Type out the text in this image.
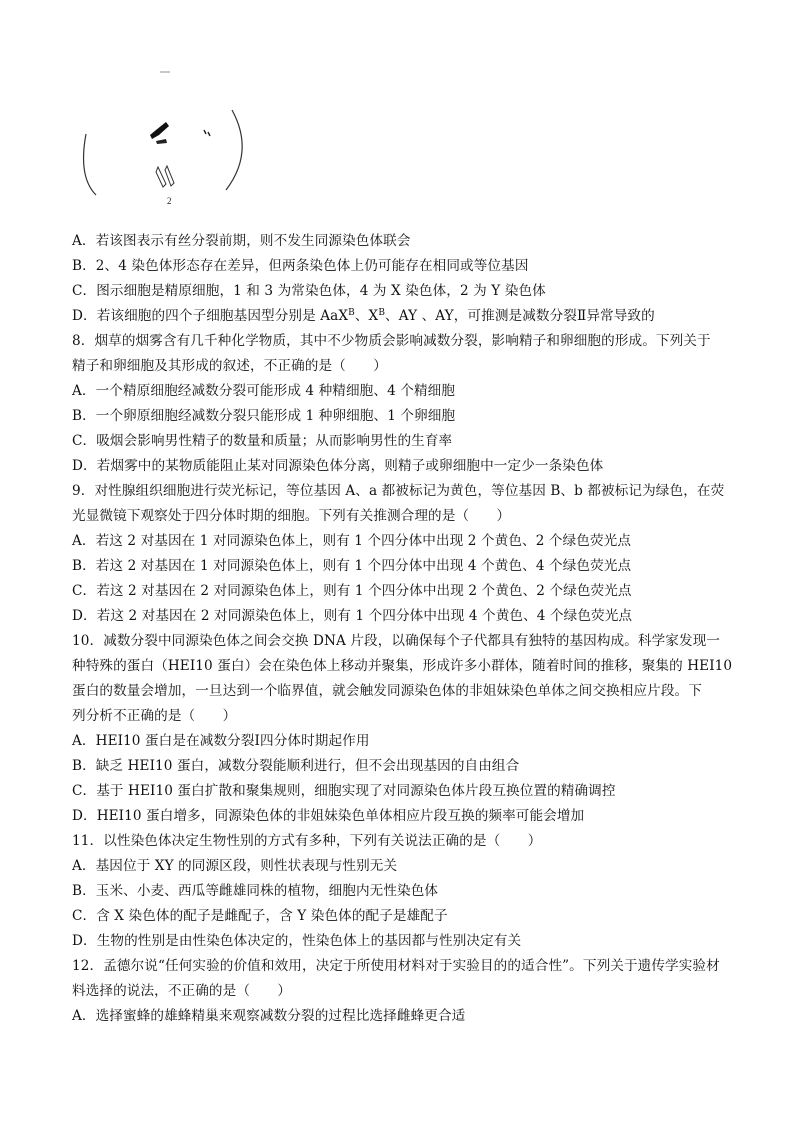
2
A．若该图表示有丝分裂前期，则不发生同源染色体联会
B．2、4 染色体形态存在差异，但两条染色体上仍可能存在相同或等位基因
C．图示细胞是精原细胞，1 和 3 为常染色体，4 为 X 染色体，2 为 Y 染色体
D．若该细胞的四个子细胞基因型分别是 AaX$^B$、$X^B$、AY 、AY，可推测是减数分裂Ⅱ异常导致的
8．烟草的烟雾含有几千种化学物质，其中不少物质会影响减数分裂，影响精子和卵细胞的形成。下列关于
精子和卵细胞及其形成的叙述，不正确的是（　　）
A．一个精原细胞经减数分裂可能形成 4 种精细胞、4 个精细胞
B．一个卵原细胞经减数分裂只能形成 1 种卵细胞、1 个卵细胞
C．吸烟会影响男性精子的数量和质量；从而影响男性的生育率
D．若烟雾中的某物质能阻止某对同源染色体分离，则精子或卵细胞中一定少一条染色体
9．对性腺组织细胞进行荧光标记，等位基因 A、a 都被标记为黄色，等位基因 B、b 都被标记为绿色，在荧
光显微镜下观察处于四分体时期的细胞。下列有关推测合理的是（　　）
A．若这 2 对基因在 1 对同源染色体上，则有 1 个四分体中出现 2 个黄色、2 个绿色荧光点
B．若这 2 对基因在 1 对同源染色体上，则有 1 个四分体中出现 4 个黄色、4 个绿色荧光点
C．若这 2 对基因在 2 对同源染色体上，则有 1 个四分体中出现 2 个黄色、2 个绿色荧光点
D．若这 2 对基因在 2 对同源染色体上，则有 1 个四分体中出现 4 个黄色、4 个绿色荧光点
10．减数分裂中同源染色体之间会交换 DNA 片段，以确保每个子代都具有独特的基因构成。科学家发现一
种特殊的蛋白（HEI10 蛋白）会在染色体上移动并聚集，形成许多小群体，随着时间的推移，聚集的 HEI10
蛋白的数量会增加，一旦达到一个临界值，就会触发同源染色体的非姐妹染色单体之间交换相应片段。下
列分析不正确的是（　　）
A．HEI10 蛋白是在减数分裂Ⅰ四分体时期起作用
B．缺乏 HEI10 蛋白，减数分裂能顺利进行，但不会出现基因的自由组合
C．基于 HEI10 蛋白扩散和聚集规则，细胞实现了对同源染色体片段互换位置的精确调控
D．HEI10 蛋白增多，同源染色体的非姐妹染色单体相应片段互换的频率可能会增加
11．以性染色体决定生物性别的方式有多种，下列有关说法正确的是（　　）
A．基因位于 XY 的同源区段，则性状表现与性别无关
B．玉米、小麦、西瓜等雌雄同株的植物，细胞内无性染色体
C．含 X 染色体的配子是雌配子，含 Y 染色体的配子是雄配子
D．生物的性别是由性染色体决定的，性染色体上的基因都与性别决定有关
12．孟德尔说“任何实验的价值和效用，决定于所使用材料对于实验目的的适合性”。下列关于遗传学实验材
料选择的说法，不正确的是（　　）
A．选择蜜蜂的雄蜂精巢来观察减数分裂的过程比选择雌蜂更合适
